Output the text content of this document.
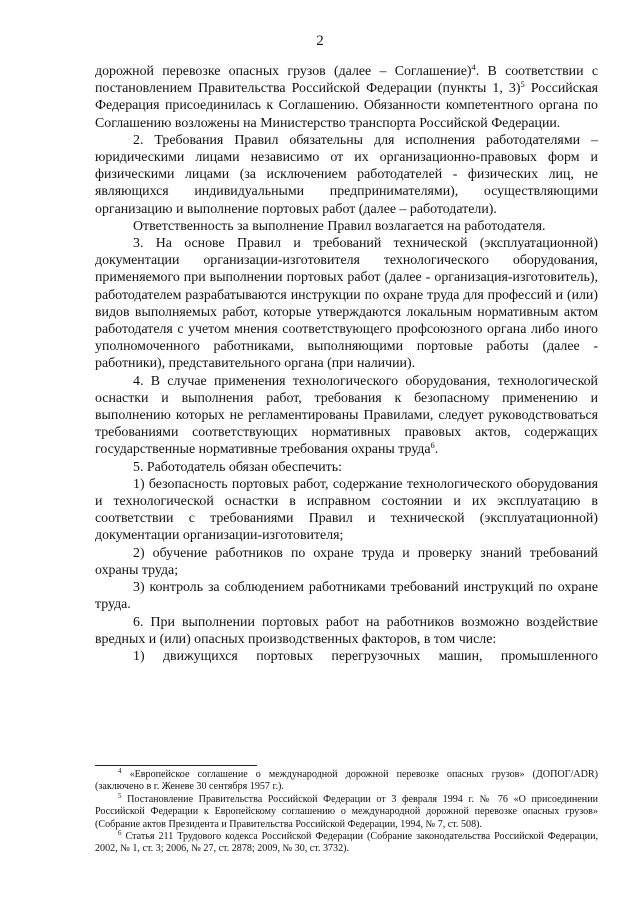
2

дорожной перевозке опасных грузов (далее – Соглашение)$^4$. В соответствии с постановлением Правительства Российской Федерации (пункты 1, 3)$^5$ Российская Федерация присоединилась к Соглашению. Обязанности компетентного органа по Соглашению возложены на Министерство транспорта Российской Федерации.

2. Требования Правил обязательны для исполнения работодателями – юридическими лицами независимо от их организационно-правовых форм и физическими лицами (за исключением работодателей - физических лиц, не являющихся индивидуальными предпринимателями), осуществляющими организацию и выполнение портовых работ (далее – работодатели).

Ответственность за выполнение Правил возлагается на работодателя.

3. На основе Правил и требований технической (эксплуатационной) документации организации-изготовителя технологического оборудования, применяемого при выполнении портовых работ (далее - организация-изготовитель), работодателем разрабатываются инструкции по охране труда для профессий и (или) видов выполняемых работ, которые утверждаются локальным нормативным актом работодателя с учетом мнения соответствующего профсоюзного органа либо иного уполномоченного работниками, выполняющими портовые работы (далее - работники), представительного органа (при наличии).

4. В случае применения технологического оборудования, технологической оснастки и выполнения работ, требования к безопасному применению и выполнению которых не регламентированы Правилами, следует руководствоваться требованиями соответствующих нормативных правовых актов, содержащих государственные нормативные требования охраны труда$^6$.

5. Работодатель обязан обеспечить:

1) безопасность портовых работ, содержание технологического оборудования и технологической оснастки в исправном состоянии и их эксплуатацию в соответствии с требованиями Правил и технической (эксплуатационной) документации организации-изготовителя;

2) обучение работников по охране труда и проверку знаний требований охраны труда;

3) контроль за соблюдением работниками требований инструкций по охране труда.

6. При выполнении портовых работ на работников возможно воздействие вредных и (или) опасных производственных факторов, в том числе:

1) движущихся портовых перегрузочных машин, промышленного

$^4$ «Европейское соглашение о международной дорожной перевозке опасных грузов» (ДОПОГ/ADR) (заключено в г. Женеве 30 сентября 1957 г.).

$^5$ Постановление Правительства Российской Федерации от 3 февраля 1994 г. № 76 «О присоединении Российской Федерации к Европейскому соглашению о международной дорожной перевозке опасных грузов» (Собрание актов Президента и Правительства Российской Федерации, 1994, № 7, ст. 508).

$^6$ Статья 211 Трудового кодекса Российской Федерации (Собрание законодательства Российской Федерации, 2002, № 1, ст. 3; 2006, № 27, ст. 2878; 2009, № 30, ст. 3732).
